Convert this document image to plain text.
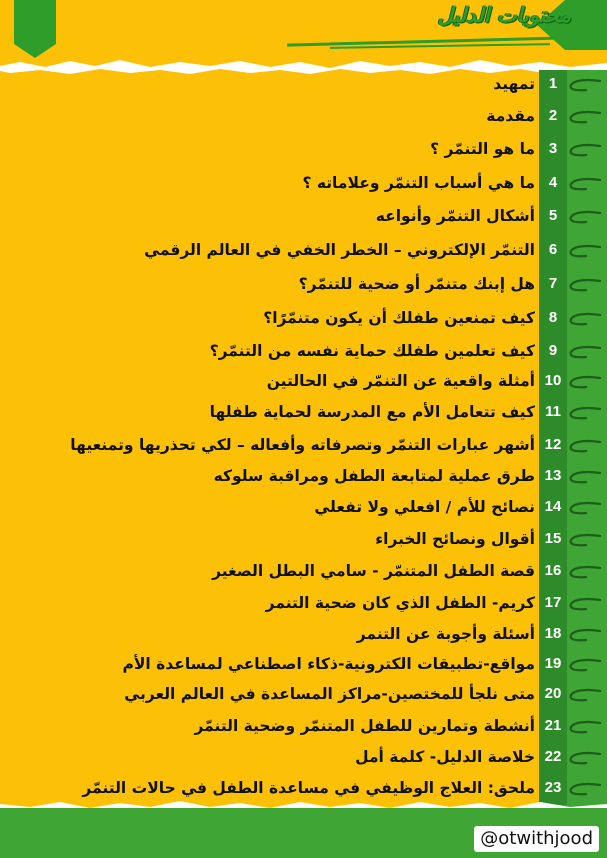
محتويات الدليل
1
تمهيد
2
مقدمة
3
ما هو التنمّر ؟
4
ما هي أسباب التنمّر وعلاماته ؟
5
أشكال التنمّر وأنواعه
6
التنمّر الإلكتروني – الخطر الخفي في العالم الرقمي
7
هل إبنك متنمّر أو ضحية للتنمّر؟
8
كيف تمنعين طفلك أن يكون متنمّرًا؟
9
كيف تعلمين طفلك حماية نفسه من التنمّر؟
10
أمثلة واقعية عن التنمّر في الحالتين
11
كيف تتعامل الأم مع المدرسة لحماية طفلها
12
أشهر عبارات التنمّر وتصرفاته وأفعاله – لكي تحذريها وتمنعيها
13
طرق عملية لمتابعة الطفل ومراقبة سلوكه
14
نصائح للأم / افعلي ولا تفعلي
15
أقوال ونصائح الخبراء
16
قصة الطفل المتنمّر - سامي البطل الصغير
17
كريم- الطفل الذي كان ضحية التنمر
18
أسئلة وأجوبة عن التنمر
19
مواقع-تطبيقات الكترونية-ذكاء اصطناعي لمساعدة الأم
20
متى نلجأ للمختصين-مراكز المساعدة في العالم العربي
21
أنشطة وتمارين للطفل المتنمّر وضحية التنمّر
22
خلاصة الدليل- كلمة أمل
23
ملحق: العلاج الوظيفي في مساعدة الطفل في حالات التنمّر
@otwithjood
